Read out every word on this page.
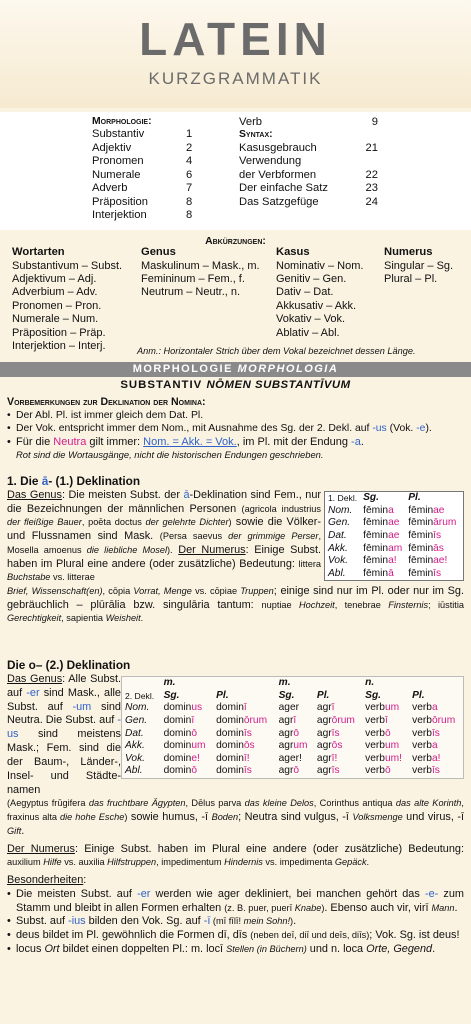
LATEIN
KURZGRAMMATIK
Morphologie:	
Substantiv	1
Adjektiv	2
Pronomen	4
Numerale	6
Adverb	7
Präposition	8
Interjektion	8
Verb	9
Syntax:	
Kasusgebrauch	21
Verwendung	
der Verbformen	22
Der einfache Satz	23
Das Satzgefüge	24
Abkürzungen:
Wortarten
Substantivum – Subst.
Adjektivum – Adj.
Adverbium – Adv.
Pronomen – Pron.
Numerale – Num.
Präposition – Präp.
Interjektion – Interj.
Genus
Maskulinum – Mask., m.
Femininum – Fem., f.
Neutrum – Neutr., n.
Kasus
Nominativ – Nom.
Genitiv – Gen.
Dativ – Dat.
Akkusativ – Akk.
Vokativ – Vok.
Ablativ – Abl.
Numerus
Singular – Sg.
Plural – Pl.
Anm.: Horizontaler Strich über dem Vokal bezeichnet dessen Länge.
MORPHOLOGIE MORPHOLOGIA
SUBSTANTIV NŌMEN SUBSTANTĪVUM
Vorbemerkungen zur Deklination der Nomina:
• Der Abl. Pl. ist immer gleich dem Dat. Pl.
• Der Vok. entspricht immer dem Nom., mit Ausnahme des Sg. der 2. Dekl. auf -us (Vok. -e).
• Für die Neutra gilt immer: Nom. = Akk. = Vok., im Pl. mit der Endung -a.
Rot sind die Wortausgänge, nicht die historischen Endungen geschrieben.
1. Die ā- (1.) Deklination
Das Genus: Die meisten Subst. der ā-Deklination sind Fem., nur die Bezeichnungen der männlichen Personen (agricola industrius der fleißige Bauer, poēta doctus der gelehrte Dichter) sowie die Völker- und Flussnamen sind Mask. (Persa saevus der grimmige Perser, Mosella amoenus die liebliche Mosel). Der Numerus: Einige Subst. haben im Plural eine andere (oder zusätzliche) Bedeutung: littera Buchstabe vs. litterae
Brief, Wissenschaft(en), cōpia Vorrat, Menge vs. cōpiae Truppen; einige sind nur im Pl. oder nur im Sg. gebräuchlich – plūrālia bzw. singulāria tantum: nuptiae Hochzeit, tenebrae Finsternis; iūstitia Gerechtigkeit, sapientia Weisheit.
1. Dekl.	Sg.	Pl.
Nom.	fēmina	fēminae
Gen.	fēminae	fēminārum
Dat.	fēminae	fēminīs
Akk.	fēminam	fēminās
Vok.	fēmina!	fēminae!
Abl.	fēminā	fēminīs
Die o– (2.) Deklination
Das Genus: Alle Subst. auf -er sind Mask., alle Subst. auf -um sind Neutra. Die Subst. auf -us sind meistens Mask.; Fem. sind die der Baum-, Länder-, Insel- und Städte- namen
(Aegyptus frūgifera das fruchtbare Ägypten, Dēlus parva das kleine Delos, Corinthus antiqua das alte Korinth, fraxinus alta die hohe Esche) sowie humus, -ī Boden; Neutra sind vulgus, -ī Volksmenge und virus, -ī Gift.
Der Numerus: Einige Subst. haben im Plural eine andere (oder zusätzliche) Bedeutung: auxilium Hilfe vs. auxilia Hilfstruppen, impedimentum Hindernis vs. impedimenta Gepäck.
Besonderheiten:
• Die meisten Subst. auf -er werden wie ager dekliniert, bei manchen gehört das -e- zum Stamm und bleibt in allen Formen erhalten (z. B. puer, puerī Knabe). Ebenso auch vir, virī Mann.
• Subst. auf -ius bilden den Vok. Sg. auf -ī (mī fīlī! mein Sohn!).
• deus bildet im Pl. gewöhnlich die Formen dī, dīs (neben deī, diī und deīs, diīs); Vok. Sg. ist deus!
• locus Ort bildet einen doppelten Pl.: m. locī Stellen (in Büchern) und n. loca Orte, Gegend.
	m.		m.		n.	
2. Dekl.	Sg.	Pl.	Sg.	Pl.	Sg.	Pl.
Nom.	dominus	dominī	ager	agrī	verbum	verba
Gen.	dominī	dominōrum	agrī	agrōrum	verbī	verbōrum
Dat.	dominō	dominīs	agrō	agrīs	verbō	verbīs
Akk.	dominum	dominōs	agrum	agrōs	verbum	verba
Vok.	domine!	dominī!	ager!	agrī!	verbum!	verba!
Abl.	dominō	dominīs	agrō	agrīs	verbō	verbīs
